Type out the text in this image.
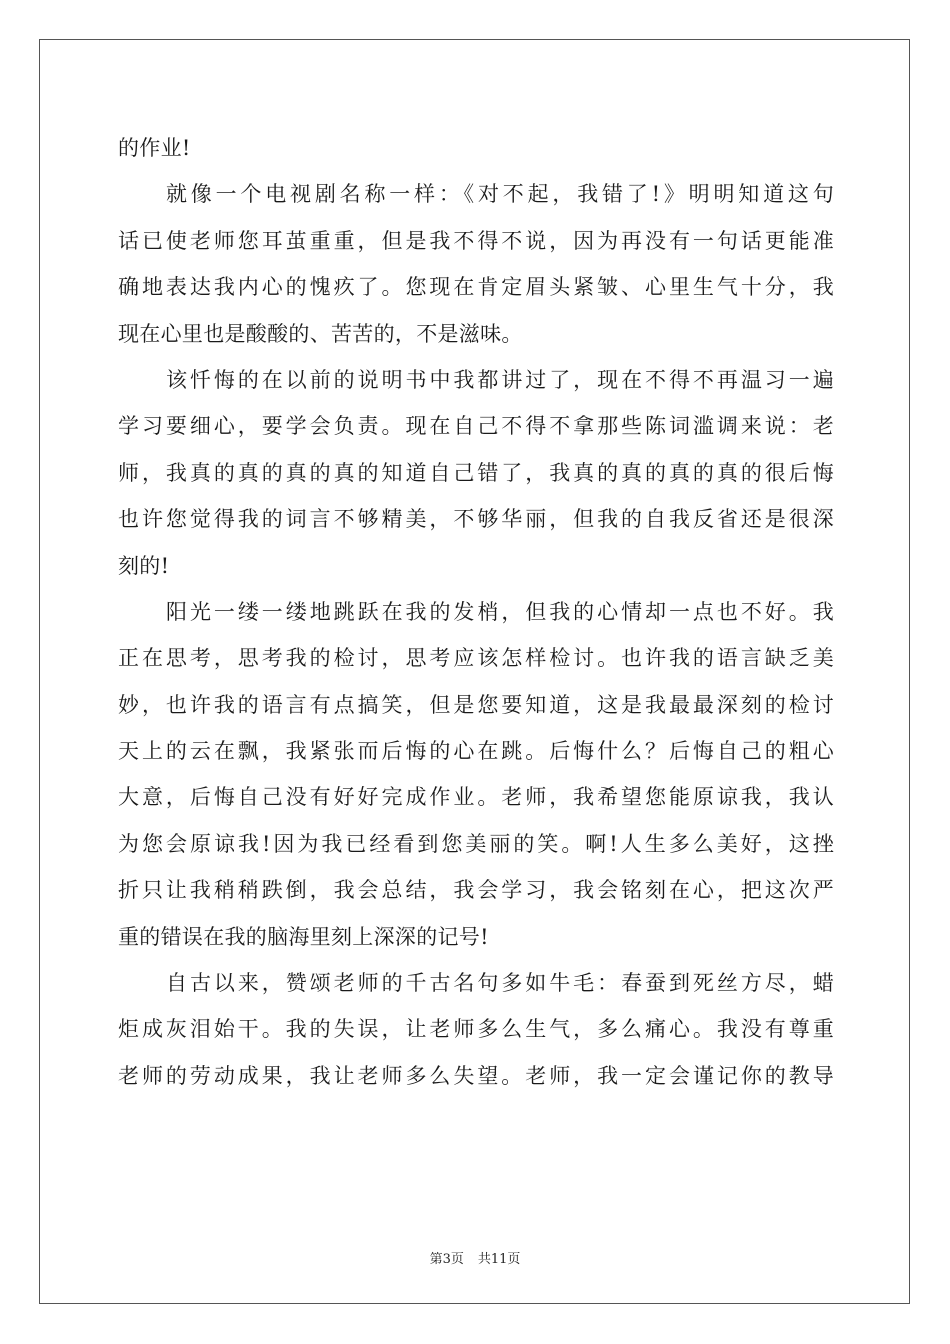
的作业!
就像一个电视剧名称一样：《对不起，我错了!》明明知道这句
话已使老师您耳茧重重，但是我不得不说，因为再没有一句话更能准
确地表达我内心的愧疚了。您现在肯定眉头紧皱、心里生气十分，我
现在心里也是酸酸的、苦苦的，不是滋味。
该忏悔的在以前的说明书中我都讲过了，现在不得不再温习一遍
学习要细心，要学会负责。现在自己不得不拿那些陈词滥调来说：老
师，我真的真的真的真的知道自己错了，我真的真的真的真的很后悔
也许您觉得我的词言不够精美，不够华丽，但我的自我反省还是很深
刻的!
阳光一缕一缕地跳跃在我的发梢，但我的心情却一点也不好。我
正在思考，思考我的检讨，思考应该怎样检讨。也许我的语言缺乏美
妙，也许我的语言有点搞笑，但是您要知道，这是我最最深刻的检讨
天上的云在飘，我紧张而后悔的心在跳。后悔什么？后悔自己的粗心
大意，后悔自己没有好好完成作业。老师，我希望您能原谅我，我认
为您会原谅我!因为我已经看到您美丽的笑。啊!人生多么美好，这挫
折只让我稍稍跌倒，我会总结，我会学习，我会铭刻在心，把这次严
重的错误在我的脑海里刻上深深的记号!
自古以来，赞颂老师的千古名句多如牛毛：春蚕到死丝方尽，蜡
炬成灰泪始干。我的失误，让老师多么生气，多么痛心。我没有尊重
老师的劳动成果，我让老师多么失望。老师，我一定会谨记你的教导
第3页 共11页
